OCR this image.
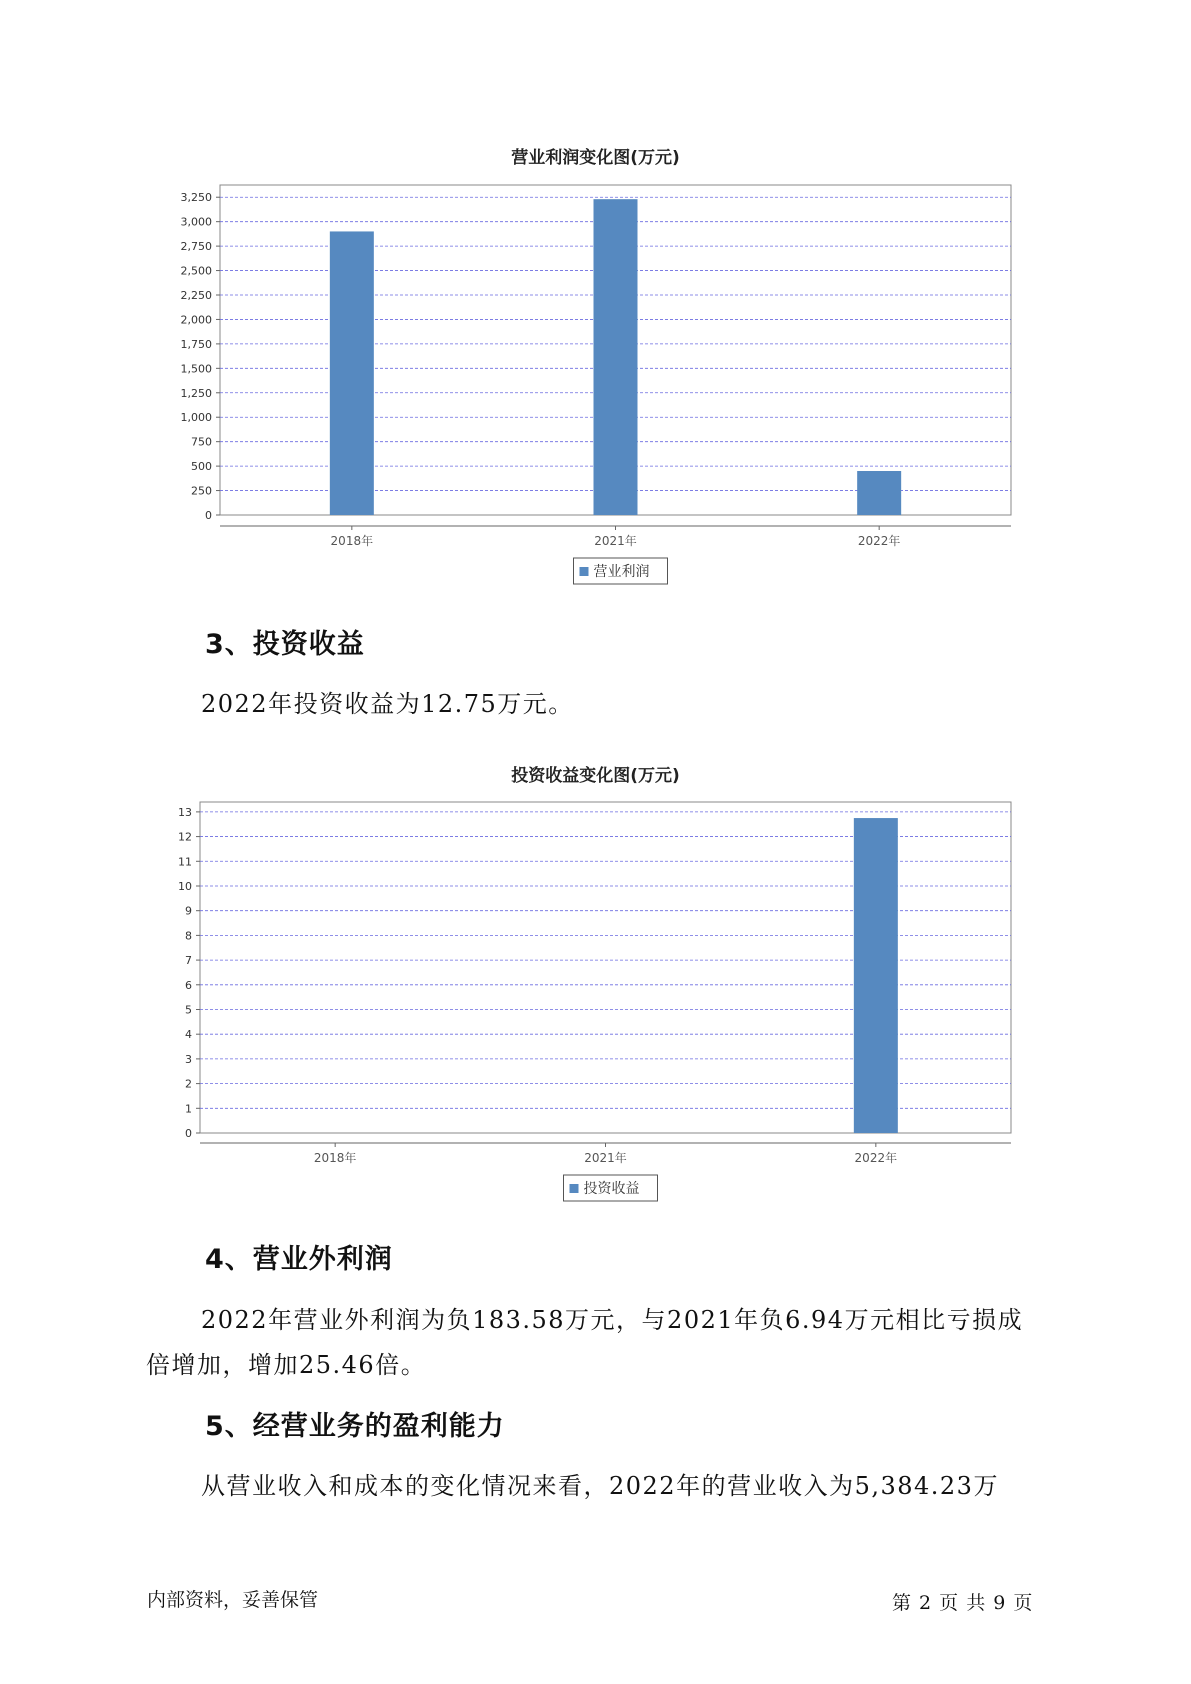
营业利润变化图(万元)
0
250
500
750
1,000
1,250
1,500
1,750
2,000
2,250
2,500
2,750
3,000
3,250
2018年	2021年	2022年
营业利润
3、投资收益
2022年投资收益为12.75万元。
投资收益变化图(万元)
0
1
2
3
4
5
6
7
8
9
10
11
12
13
2018年	2021年	2022年
投资收益
4、营业外利润
2022年营业外利润为负183.58万元，与2021年负6.94万元相比亏损成
倍增加，增加25.46倍。
5、经营业务的盈利能力
从营业收入和成本的变化情况来看，2022年的营业收入为5,384.23万
内部资料，妥善保管	第 2 页 共 9 页
